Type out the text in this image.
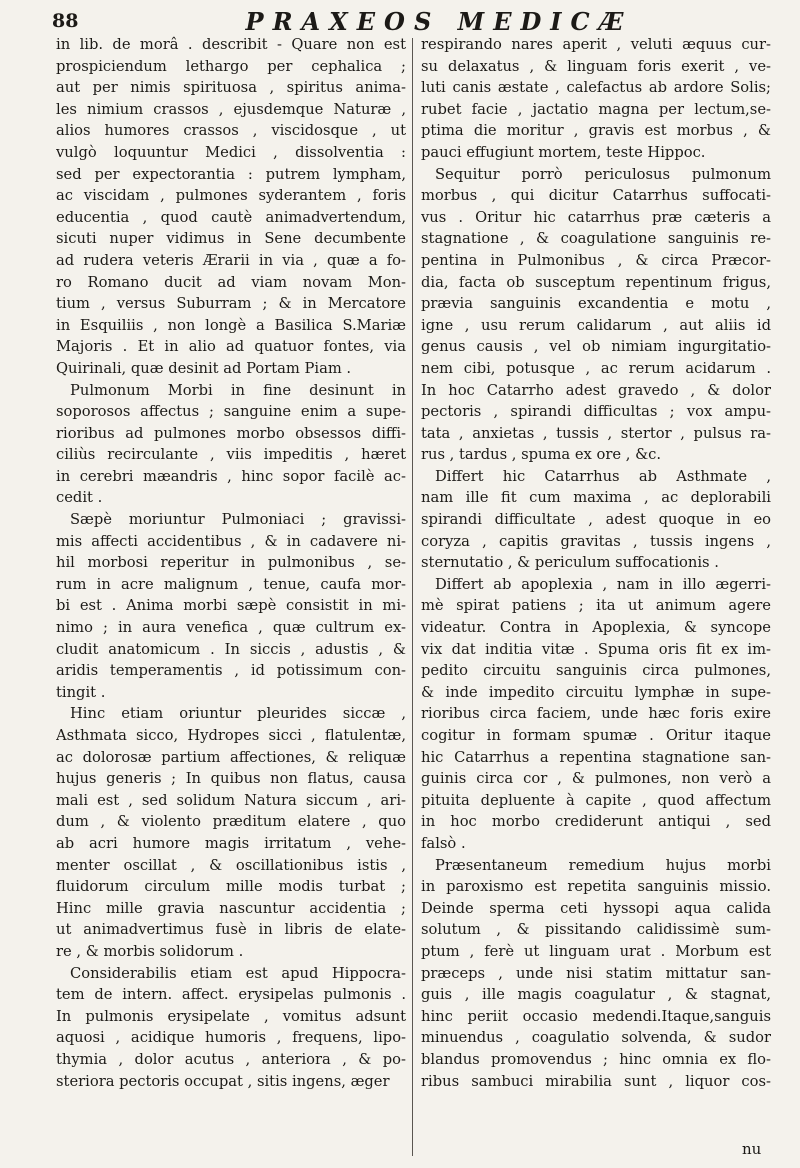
88	PRAXEOS MEDICÆ
in lib. de morâ . describit - Quare non est
prospiciendum lethargo per cephalica ;
aut per nimis spirituosa , spiritus anima-
les nimium crassos , ejusdemque Naturæ ,
alios humores crassos , viscidosque , ut
vulgò loquuntur Medici , dissolventia :
sed per expectorantia : putrem lympham,
ac viscidam , pulmones syderantem , foris
educentia , quod cautè animadvertendum,
sicuti nuper vidimus in Sene decumbente
ad rudera veteris Ærarii in via , quæ a fo-
ro Romano ducit ad viam novam Mon-
tium , versus Suburram ; & in Mercatore
in Esquiliis , non longè a Basilica S.Mariæ
Majoris . Et in alio ad quatuor fontes, via
Quirinali, quæ desinit ad Portam Piam .
Pulmonum Morbi in fine desinunt in
soporosos affectus ; sanguine enim a supe-
rioribus ad pulmones morbo obsessos diffi-
ciliùs recirculante , viis impeditis , hæret
in cerebri mæandris , hinc sopor facilè ac-
cedit .
Sæpè moriuntur Pulmoniaci ; gravissi-
mis affecti accidentibus , & in cadavere ni-
hil morbosi reperitur in pulmonibus , se-
rum in acre malignum , tenue, caufa mor-
bi est . Anima morbi sæpè consistit in mi-
nimo ; in aura venefica , quæ cultrum ex-
cludit anatomicum . In siccis , adustis , &
aridis temperamentis , id potissimum con-
tingit .
Hinc etiam oriuntur pleurides siccæ ,
Asthmata sicco, Hydropes sicci , flatulentæ,
ac dolorosæ partium affectiones, & reliquæ
hujus generis ; In quibus non flatus, causa
mali est , sed solidum Natura siccum , ari-
dum , & violento præditum elatere , quo
ab acri humore magis irritatum , vehe-
menter oscillat , & oscillationibus istis ,
fluidorum circulum mille modis turbat ;
Hinc mille gravia nascuntur accidentia ;
ut animadvertimus fusè in libris de elate-
re , & morbis solidorum .
Considerabilis etiam est apud Hippocra-
tem de intern. affect. erysipelas pulmonis .
In pulmonis erysipelate , vomitus adsunt
aquosi , acidique humoris , frequens, lipo-
thymia , dolor acutus , anteriora , & po-
steriora pectoris occupat , sitis ingens, æger
respirando nares aperit , veluti æquus cur-
su delaxatus , & linguam foris exerit , ve-
luti canis æstate , calefactus ab ardore Solis;
rubet facie , jactatio magna per lectum,se-
ptima die moritur , gravis est morbus , &
pauci effugiunt mortem, teste Hippoc.
Sequitur porrò periculosus pulmonum
morbus , qui dicitur Catarrhus suffocati-
vus . Oritur hic catarrhus præ cæteris a
stagnatione , & coagulatione sanguinis re-
pentina in Pulmonibus , & circa Præcor-
dia, facta ob susceptum repentinum frigus,
prævia sanguinis excandentia e motu ,
igne , usu rerum calidarum , aut aliis id
genus causis , vel ob nimiam ingurgitatio-
nem cibi, potusque , ac rerum acidarum .
In hoc Catarrho adest gravedo , & dolor
pectoris , spirandi difficultas ; vox ampu-
tata , anxietas , tussis , stertor , pulsus ra-
rus , tardus , spuma ex ore , &c.
Differt hic Catarrhus ab Asthmate ,
nam ille fit cum maxima , ac deplorabili
spirandi difficultate , adest quoque in eo
coryza , capitis gravitas , tussis ingens ,
sternutatio , & periculum suffocationis .
Differt ab apoplexia , nam in illo ægerri-
mè spirat patiens ; ita ut animum agere
videatur. Contra in Apoplexia, & syncope
vix dat inditia vitæ . Spuma oris fit ex im-
pedito circuitu sanguinis circa pulmones,
& inde impedito circuitu lymphæ in supe-
rioribus circa faciem, unde hæc foris exire
cogitur in formam spumæ . Oritur itaque
hic Catarrhus a repentina stagnatione san-
guinis circa cor , & pulmones, non verò a
pituita depluente à capite , quod affectum
in hoc morbo crediderunt antiqui , sed
falsò .
Præsentaneum remedium hujus morbi
in paroxismo est repetita sanguinis missio.
Deinde sperma ceti hyssopi aqua calida
solutum , & pissitando calidissimè sum-
ptum , ferè ut linguam urat . Morbum est
præceps , unde nisi statim mittatur san-
guis , ille magis coagulatur , & stagnat,
hinc periit occasio medendi.Itaque,sanguis
minuendus , coagulatio solvenda, & sudor
blandus promovendus ; hinc omnia ex flo-
ribus sambuci mirabilia sunt , liquor cos-
nu
